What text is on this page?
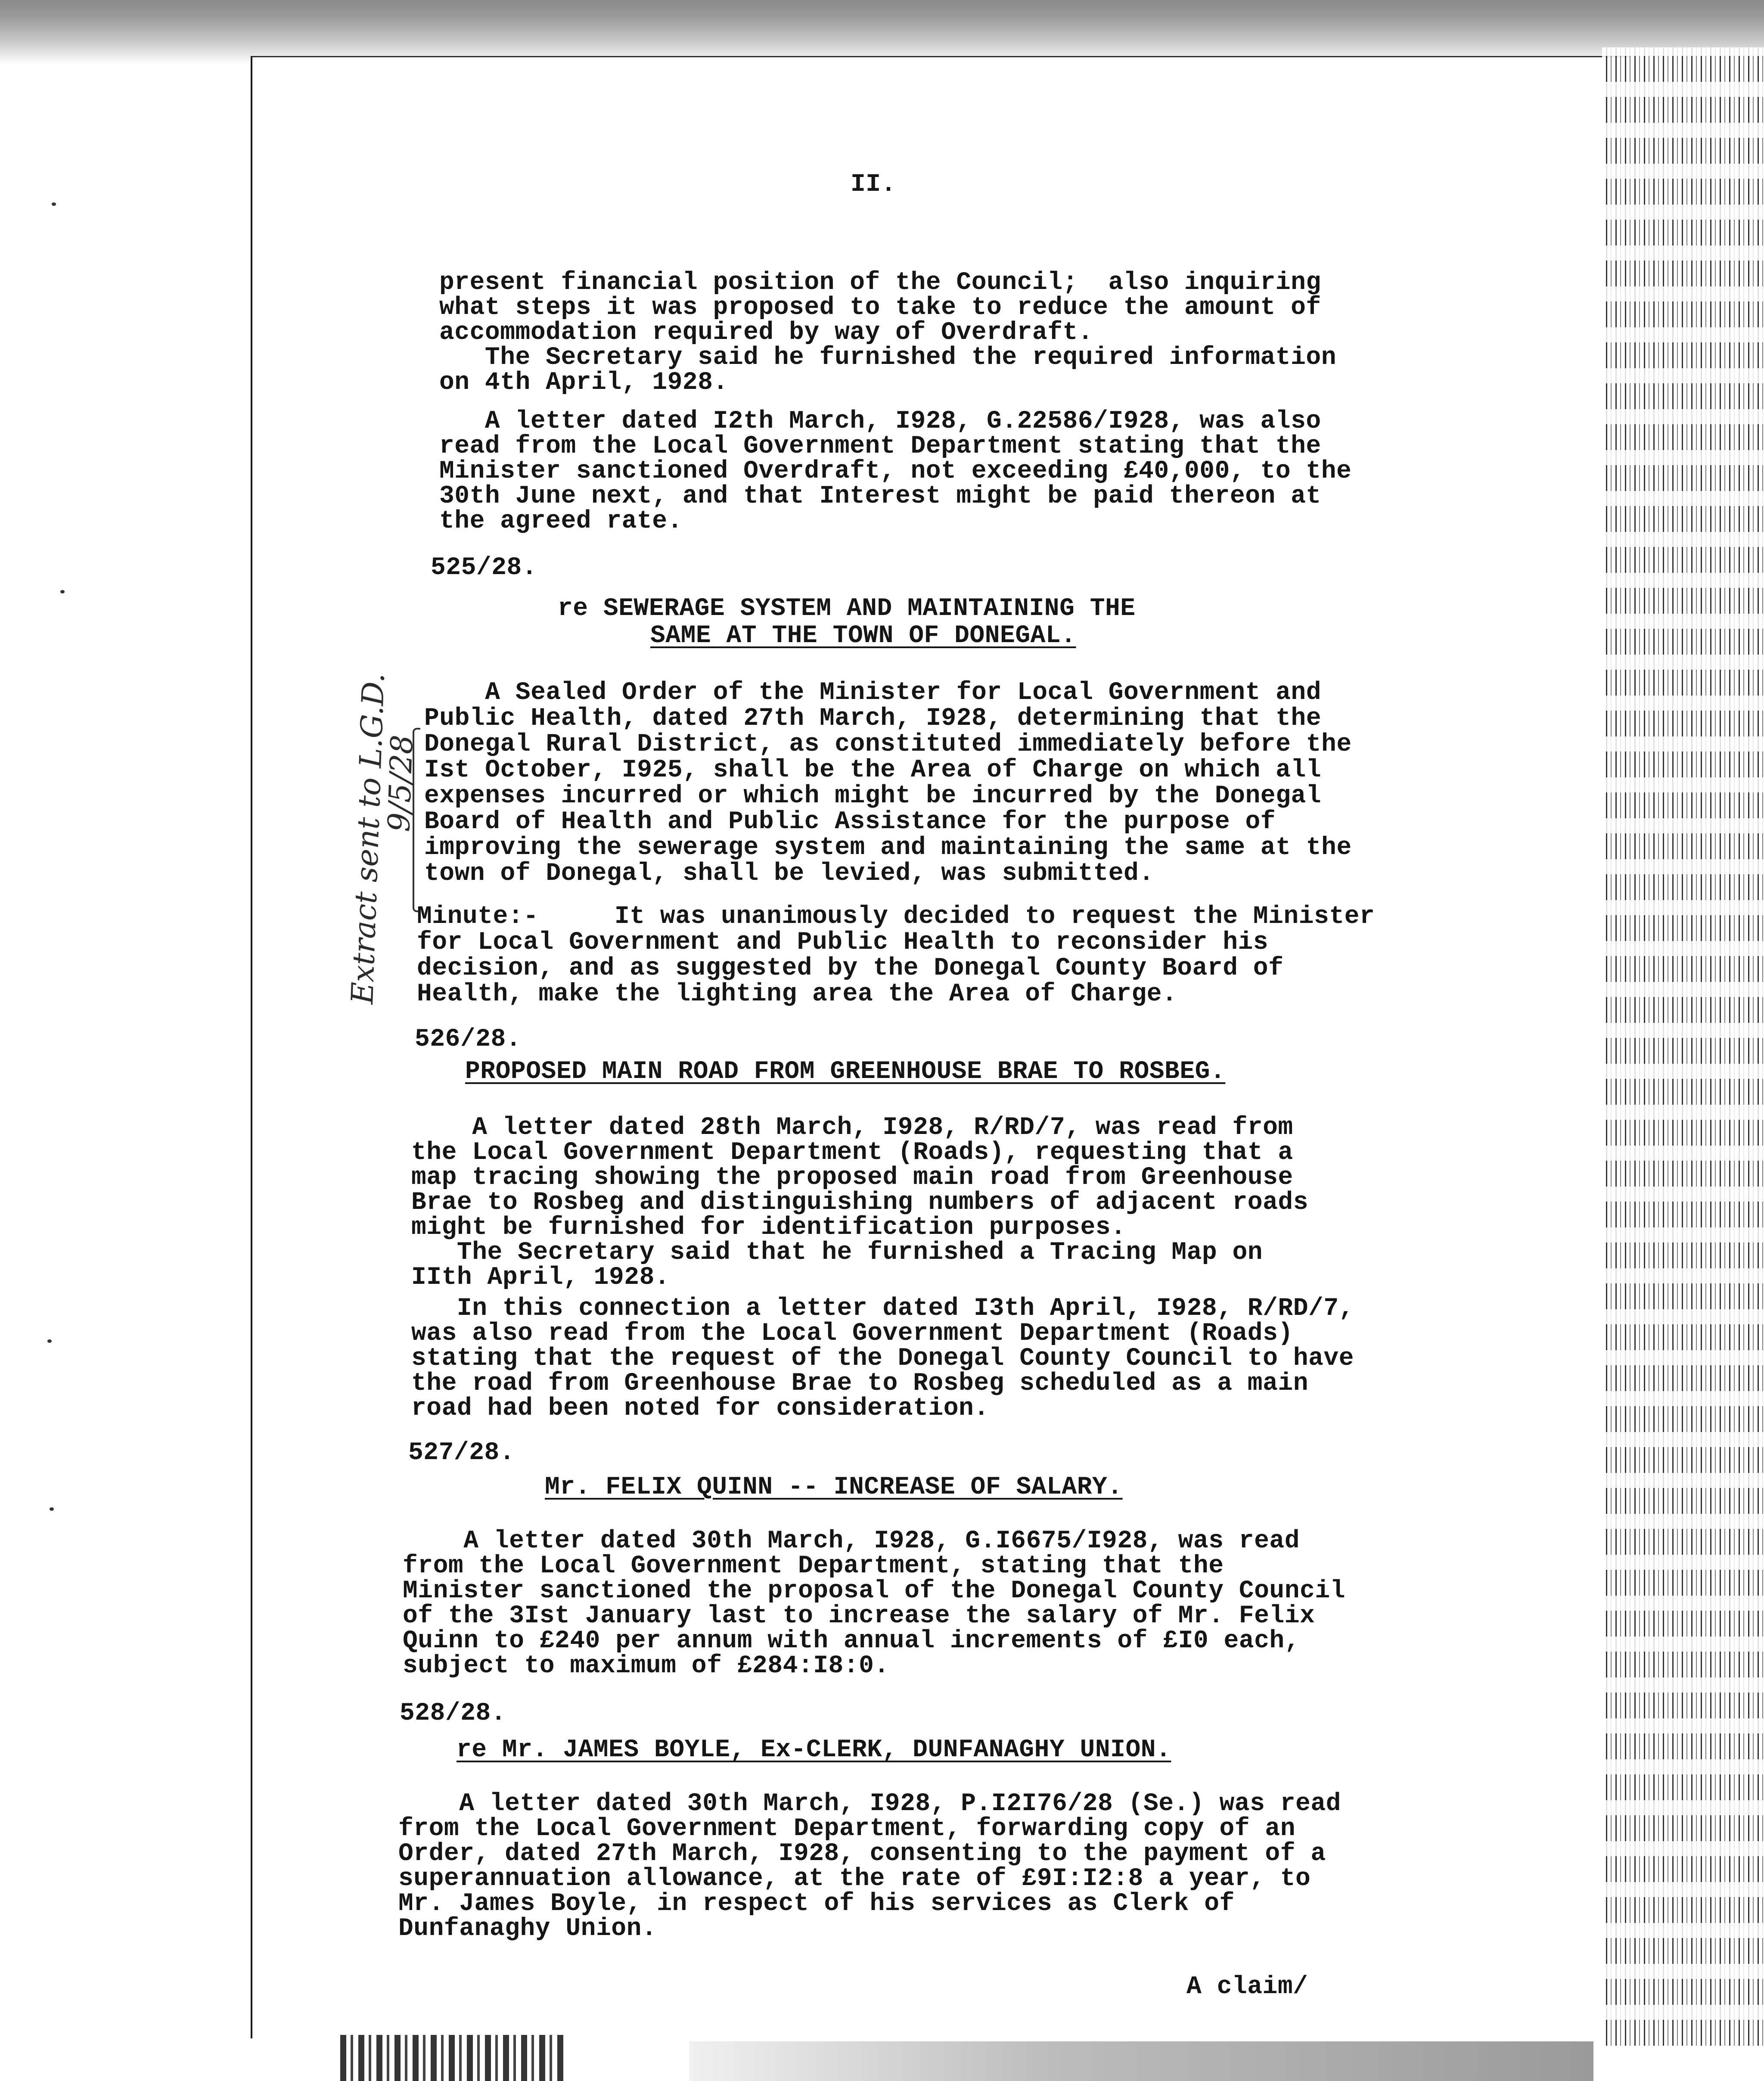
II.
present financial position of the Council;  also inquiring
what steps it was proposed to take to reduce the amount of
accommodation required by way of Overdraft.
The Secretary said he furnished the required information
on 4th April, 1928.
A letter dated I2th March, I928, G.22586/I928, was also
read from the Local Government Department stating that the
Minister sanctioned Overdraft, not exceeding £40,000, to the
30th June next, and that Interest might be paid thereon at
the agreed rate.
525/28.
re SEWERAGE SYSTEM AND MAINTAINING THE
SAME AT THE TOWN OF DONEGAL.
A Sealed Order of the Minister for Local Government and
Public Health, dated 27th March, I928, determining that the
Donegal Rural District, as constituted immediately before the
Ist October, I925, shall be the Area of Charge on which all
expenses incurred or which might be incurred by the Donegal
Board of Health and Public Assistance for the purpose of
improving the sewerage system and maintaining the same at the
town of Donegal, shall be levied, was submitted.
Minute:-     It was unanimously decided to request the Minister
for Local Government and Public Health to reconsider his
decision, and as suggested by the Donegal County Board of
Health, make the lighting area the Area of Charge.
526/28.
PROPOSED MAIN ROAD FROM GREENHOUSE BRAE TO ROSBEG.
A letter dated 28th March, I928, R/RD/7, was read from
the Local Government Department (Roads), requesting that a
map tracing showing the proposed main road from Greenhouse
Brae to Rosbeg and distinguishing numbers of adjacent roads
might be furnished for identification purposes.
The Secretary said that he furnished a Tracing Map on
IIth April, 1928.
In this connection a letter dated I3th April, I928, R/RD/7,
was also read from the Local Government Department (Roads)
stating that the request of the Donegal County Council to have
the road from Greenhouse Brae to Rosbeg scheduled as a main
road had been noted for consideration.
527/28.
Mr. FELIX QUINN -- INCREASE OF SALARY.
A letter dated 30th March, I928, G.I6675/I928, was read
from the Local Government Department, stating that the
Minister sanctioned the proposal of the Donegal County Council
of the 3Ist January last to increase the salary of Mr. Felix
Quinn to £240 per annum with annual increments of £I0 each,
subject to maximum of £284:I8:0.
528/28.
re Mr. JAMES BOYLE, Ex-CLERK, DUNFANAGHY UNION.
A letter dated 30th March, I928, P.I2I76/28 (Se.) was read
from the Local Government Department, forwarding copy of an
Order, dated 27th March, I928, consenting to the payment of a
superannuation allowance, at the rate of £9I:I2:8 a year, to
Mr. James Boyle, in respect of his services as Clerk of
Dunfanaghy Union.
A claim/
Extract sent to L.G.D.
9/5/28
